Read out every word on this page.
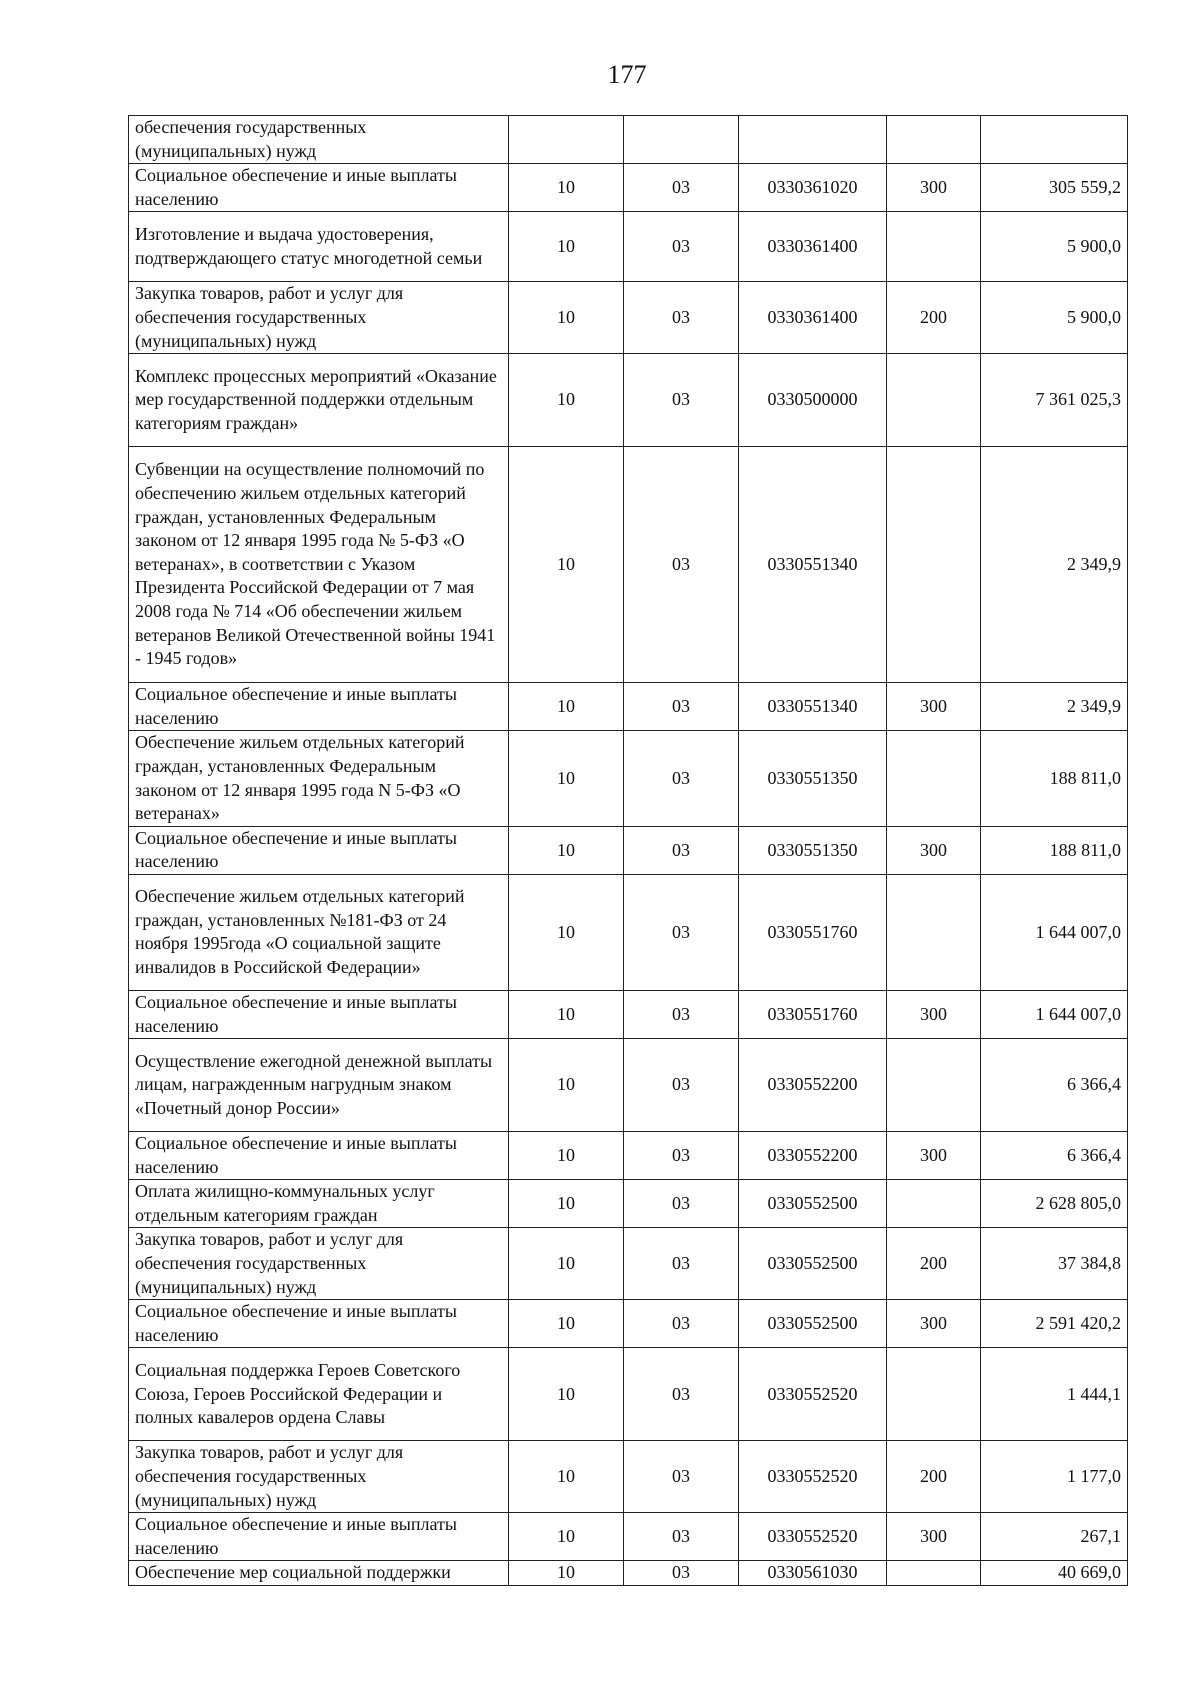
177
обеспечения государственных (муниципальных) нужд					
Социальное обеспечение и иные выплаты населению	10	03	0330361020	300	305 559,2
Изготовление и выдача удостоверения, подтверждающего статус многодетной семьи	10	03	0330361400		5 900,0
Закупка товаров, работ и услуг для обеспечения государственных (муниципальных) нужд	10	03	0330361400	200	5 900,0
Комплекс процессных мероприятий «Оказание мер государственной поддержки отдельным категориям граждан»	10	03	0330500000		7 361 025,3
Субвенции на осуществление полномочий по обеспечению жильем отдельных категорий граждан, установленных Федеральным законом от 12 января 1995 года № 5-ФЗ «О ветеранах», в соответствии с Указом Президента Российской Федерации от 7 мая 2008 года № 714 «Об обеспечении жильем ветеранов Великой Отечественной войны 1941 - 1945 годов»	10	03	0330551340		2 349,9
Социальное обеспечение и иные выплаты населению	10	03	0330551340	300	2 349,9
Обеспечение жильем отдельных категорий граждан, установленных Федеральным законом от 12 января 1995 года N 5-ФЗ «О ветеранах»	10	03	0330551350		188 811,0
Социальное обеспечение и иные выплаты населению	10	03	0330551350	300	188 811,0
Обеспечение жильем отдельных категорий граждан, установленных №181-ФЗ от 24 ноября 1995года «О социальной защите инвалидов в Российской Федерации»	10	03	0330551760		1 644 007,0
Социальное обеспечение и иные выплаты населению	10	03	0330551760	300	1 644 007,0
Осуществление ежегодной денежной выплаты лицам, награжденным нагрудным знаком «Почетный донор России»	10	03	0330552200		6 366,4
Социальное обеспечение и иные выплаты населению	10	03	0330552200	300	6 366,4
Оплата жилищно-коммунальных услуг отдельным категориям граждан	10	03	0330552500		2 628 805,0
Закупка товаров, работ и услуг для обеспечения государственных (муниципальных) нужд	10	03	0330552500	200	37 384,8
Социальное обеспечение и иные выплаты населению	10	03	0330552500	300	2 591 420,2
Социальная поддержка Героев Советского Союза, Героев Российской Федерации и полных кавалеров ордена Славы	10	03	0330552520		1 444,1
Закупка товаров, работ и услуг для обеспечения государственных (муниципальных) нужд	10	03	0330552520	200	1 177,0
Социальное обеспечение и иные выплаты населению	10	03	0330552520	300	267,1
Обеспечение мер социальной поддержки	10	03	0330561030		40 669,0
